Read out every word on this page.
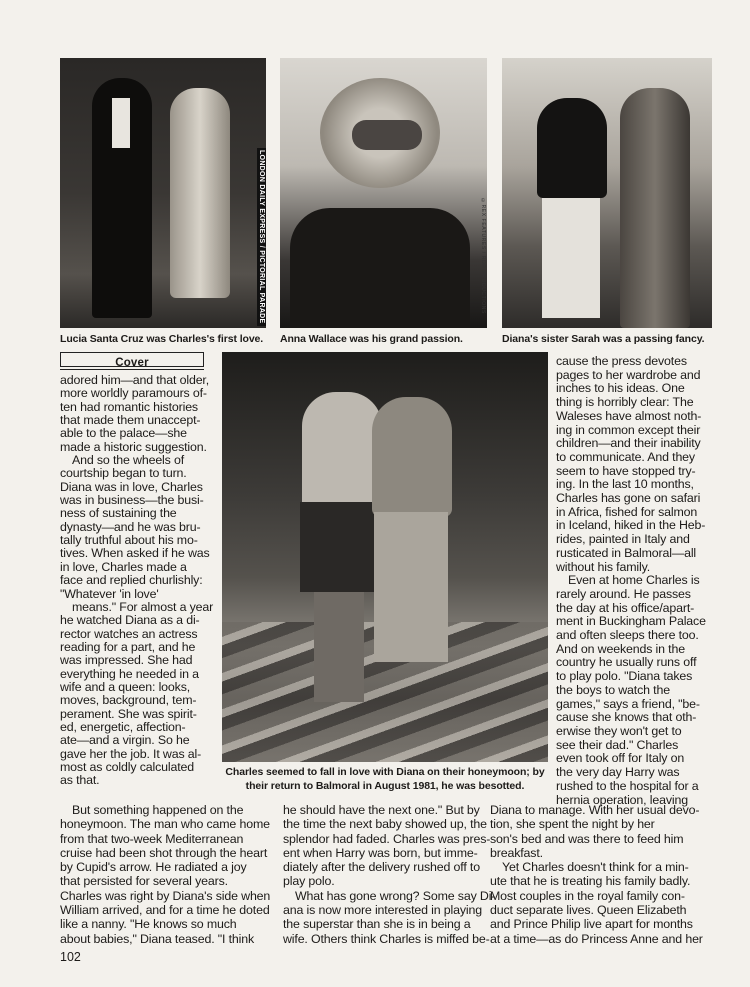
LONDON DAILY EXPRESS / PICTORIAL PARADE
Lucia Santa Cruz was Charles's first love.
©REX FEATURES / RDR PRODUCTIONS
Anna Wallace was his grand passion.	Diana's sister Sarah was a passing fancy.
Cover
Charles seemed to fall in love with Diana on their honeymoon; by
their return to Balmoral in August 1981, he was besotted.
adored him—and that older,
more worldly paramours of-
ten had romantic histories
that made them unaccept-
able to the palace—she
made a historic suggestion.
And so the wheels of
courtship began to turn.
Diana was in love, Charles
was in business—the busi-
ness of sustaining the
dynasty—and he was bru-
tally truthful about his mo-
tives. When asked if he was
in love, Charles made a
face and replied churlishly:
"Whatever 'in love'
means." For almost a year
he watched Diana as a di-
rector watches an actress
reading for a part, and he
was impressed. She had
everything he needed in a
wife and a queen: looks,
moves, background, tem-
perament. She was spirit-
ed, energetic, affection-
ate—and a virgin. So he
gave her the job. It was al-
most as coldly calculated
as that.
cause the press devotes
pages to her wardrobe and
inches to his ideas. One
thing is horribly clear: The
Waleses have almost noth-
ing in common except their
children—and their inability
to communicate. And they
seem to have stopped try-
ing. In the last 10 months,
Charles has gone on safari
in Africa, fished for salmon
in Iceland, hiked in the Heb-
rides, painted in Italy and
rusticated in Balmoral—all
without his family.
Even at home Charles is
rarely around. He passes
the day at his office/apart-
ment in Buckingham Palace
and often sleeps there too.
And on weekends in the
country he usually runs off
to play polo. "Diana takes
the boys to watch the
games," says a friend, "be-
cause she knows that oth-
erwise they won't get to
see their dad." Charles
even took off for Italy on
the very day Harry was
rushed to the hospital for a
hernia operation, leaving
But something happened on the
honeymoon. The man who came home
from that two-week Mediterranean
cruise had been shot through the heart
by Cupid's arrow. He radiated a joy
that persisted for several years.
Charles was right by Diana's side when
William arrived, and for a time he doted
like a nanny. "He knows so much
about babies," Diana teased. "I think
he should have the next one." But by
the time the next baby showed up, the
splendor had faded. Charles was pres-
ent when Harry was born, but imme-
diately after the delivery rushed off to
play polo.
What has gone wrong? Some say Di-
ana is now more interested in playing
the superstar than she is in being a
wife. Others think Charles is miffed be-
Diana to manage. With her usual devo-
tion, she spent the night by her
son's bed and was there to feed him
breakfast.
Yet Charles doesn't think for a min-
ute that he is treating his family badly.
Most couples in the royal family con-
duct separate lives. Queen Elizabeth
and Prince Philip live apart for months
at a time—as do Princess Anne and her
102
